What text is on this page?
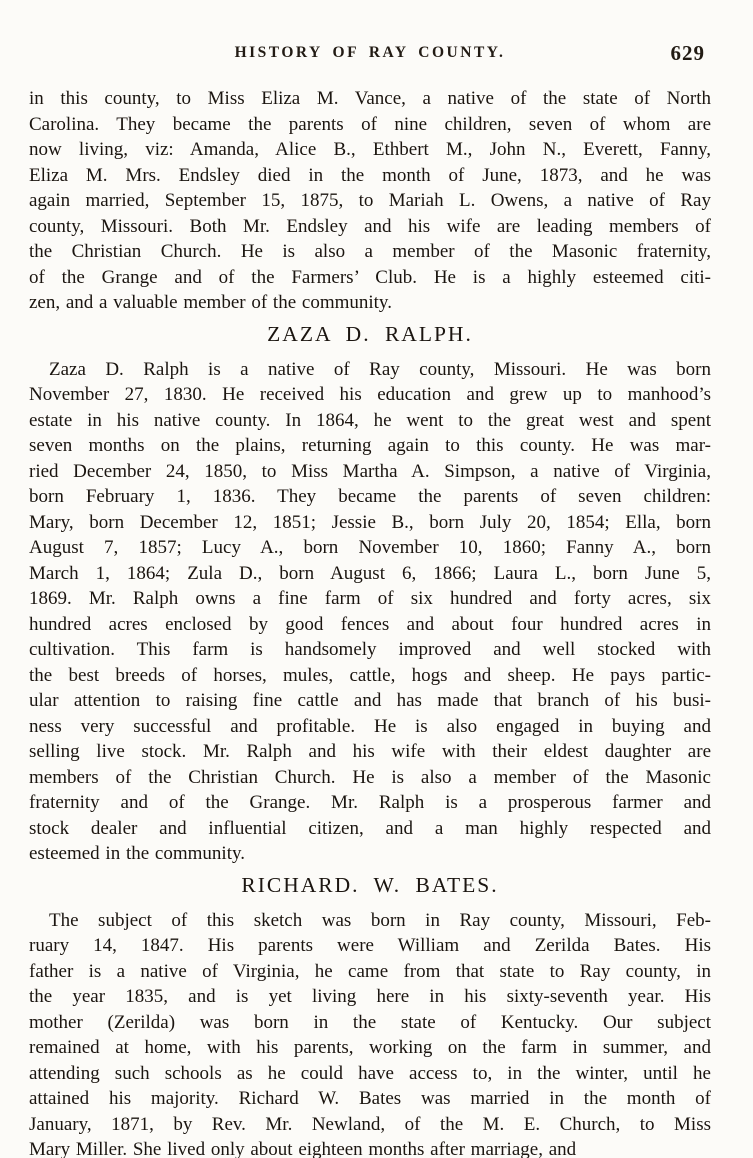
HISTORY OF RAY COUNTY.	629
in this county, to Miss Eliza M. Vance, a native of the state of North
Carolina. They became the parents of nine children, seven of whom are
now living, viz: Amanda, Alice B., Ethbert M., John N., Everett, Fanny,
Eliza M. Mrs. Endsley died in the month of June, 1873, and he was
again married, September 15, 1875, to Mariah L. Owens, a native of Ray
county, Missouri. Both Mr. Endsley and his wife are leading members of
the Christian Church. He is also a member of the Masonic fraternity,
of the Grange and of the Farmers’ Club. He is a highly esteemed citi-
zen, and a valuable member of the community.
ZAZA D. RALPH.
Zaza D. Ralph is a native of Ray county, Missouri. He was born
November 27, 1830. He received his education and grew up to manhood’s
estate in his native county. In 1864, he went to the great west and spent
seven months on the plains, returning again to this county. He was mar-
ried December 24, 1850, to Miss Martha A. Simpson, a native of Virginia,
born February 1, 1836. They became the parents of seven children:
Mary, born December 12, 1851; Jessie B., born July 20, 1854; Ella, born
August 7, 1857; Lucy A., born November 10, 1860; Fanny A., born
March 1, 1864; Zula D., born August 6, 1866; Laura L., born June 5,
1869. Mr. Ralph owns a fine farm of six hundred and forty acres, six
hundred acres enclosed by good fences and about four hundred acres in
cultivation. This farm is handsomely improved and well stocked with
the best breeds of horses, mules, cattle, hogs and sheep. He pays partic-
ular attention to raising fine cattle and has made that branch of his busi-
ness very successful and profitable. He is also engaged in buying and
selling live stock. Mr. Ralph and his wife with their eldest daughter are
members of the Christian Church. He is also a member of the Masonic
fraternity and of the Grange. Mr. Ralph is a prosperous farmer and
stock dealer and influential citizen, and a man highly respected and
esteemed in the community.
RICHARD. W. BATES.
The subject of this sketch was born in Ray county, Missouri, Feb-
ruary 14, 1847. His parents were William and Zerilda Bates. His
father is a native of Virginia, he came from that state to Ray county, in
the year 1835, and is yet living here in his sixty-seventh year. His
mother (Zerilda) was born in the state of Kentucky. Our subject
remained at home, with his parents, working on the farm in summer, and
attending such schools as he could have access to, in the winter, until he
attained his majority. Richard W. Bates was married in the month of
January, 1871, by Rev. Mr. Newland, of the M. E. Church, to Miss
Mary Miller. She lived only about eighteen months after marriage, and
